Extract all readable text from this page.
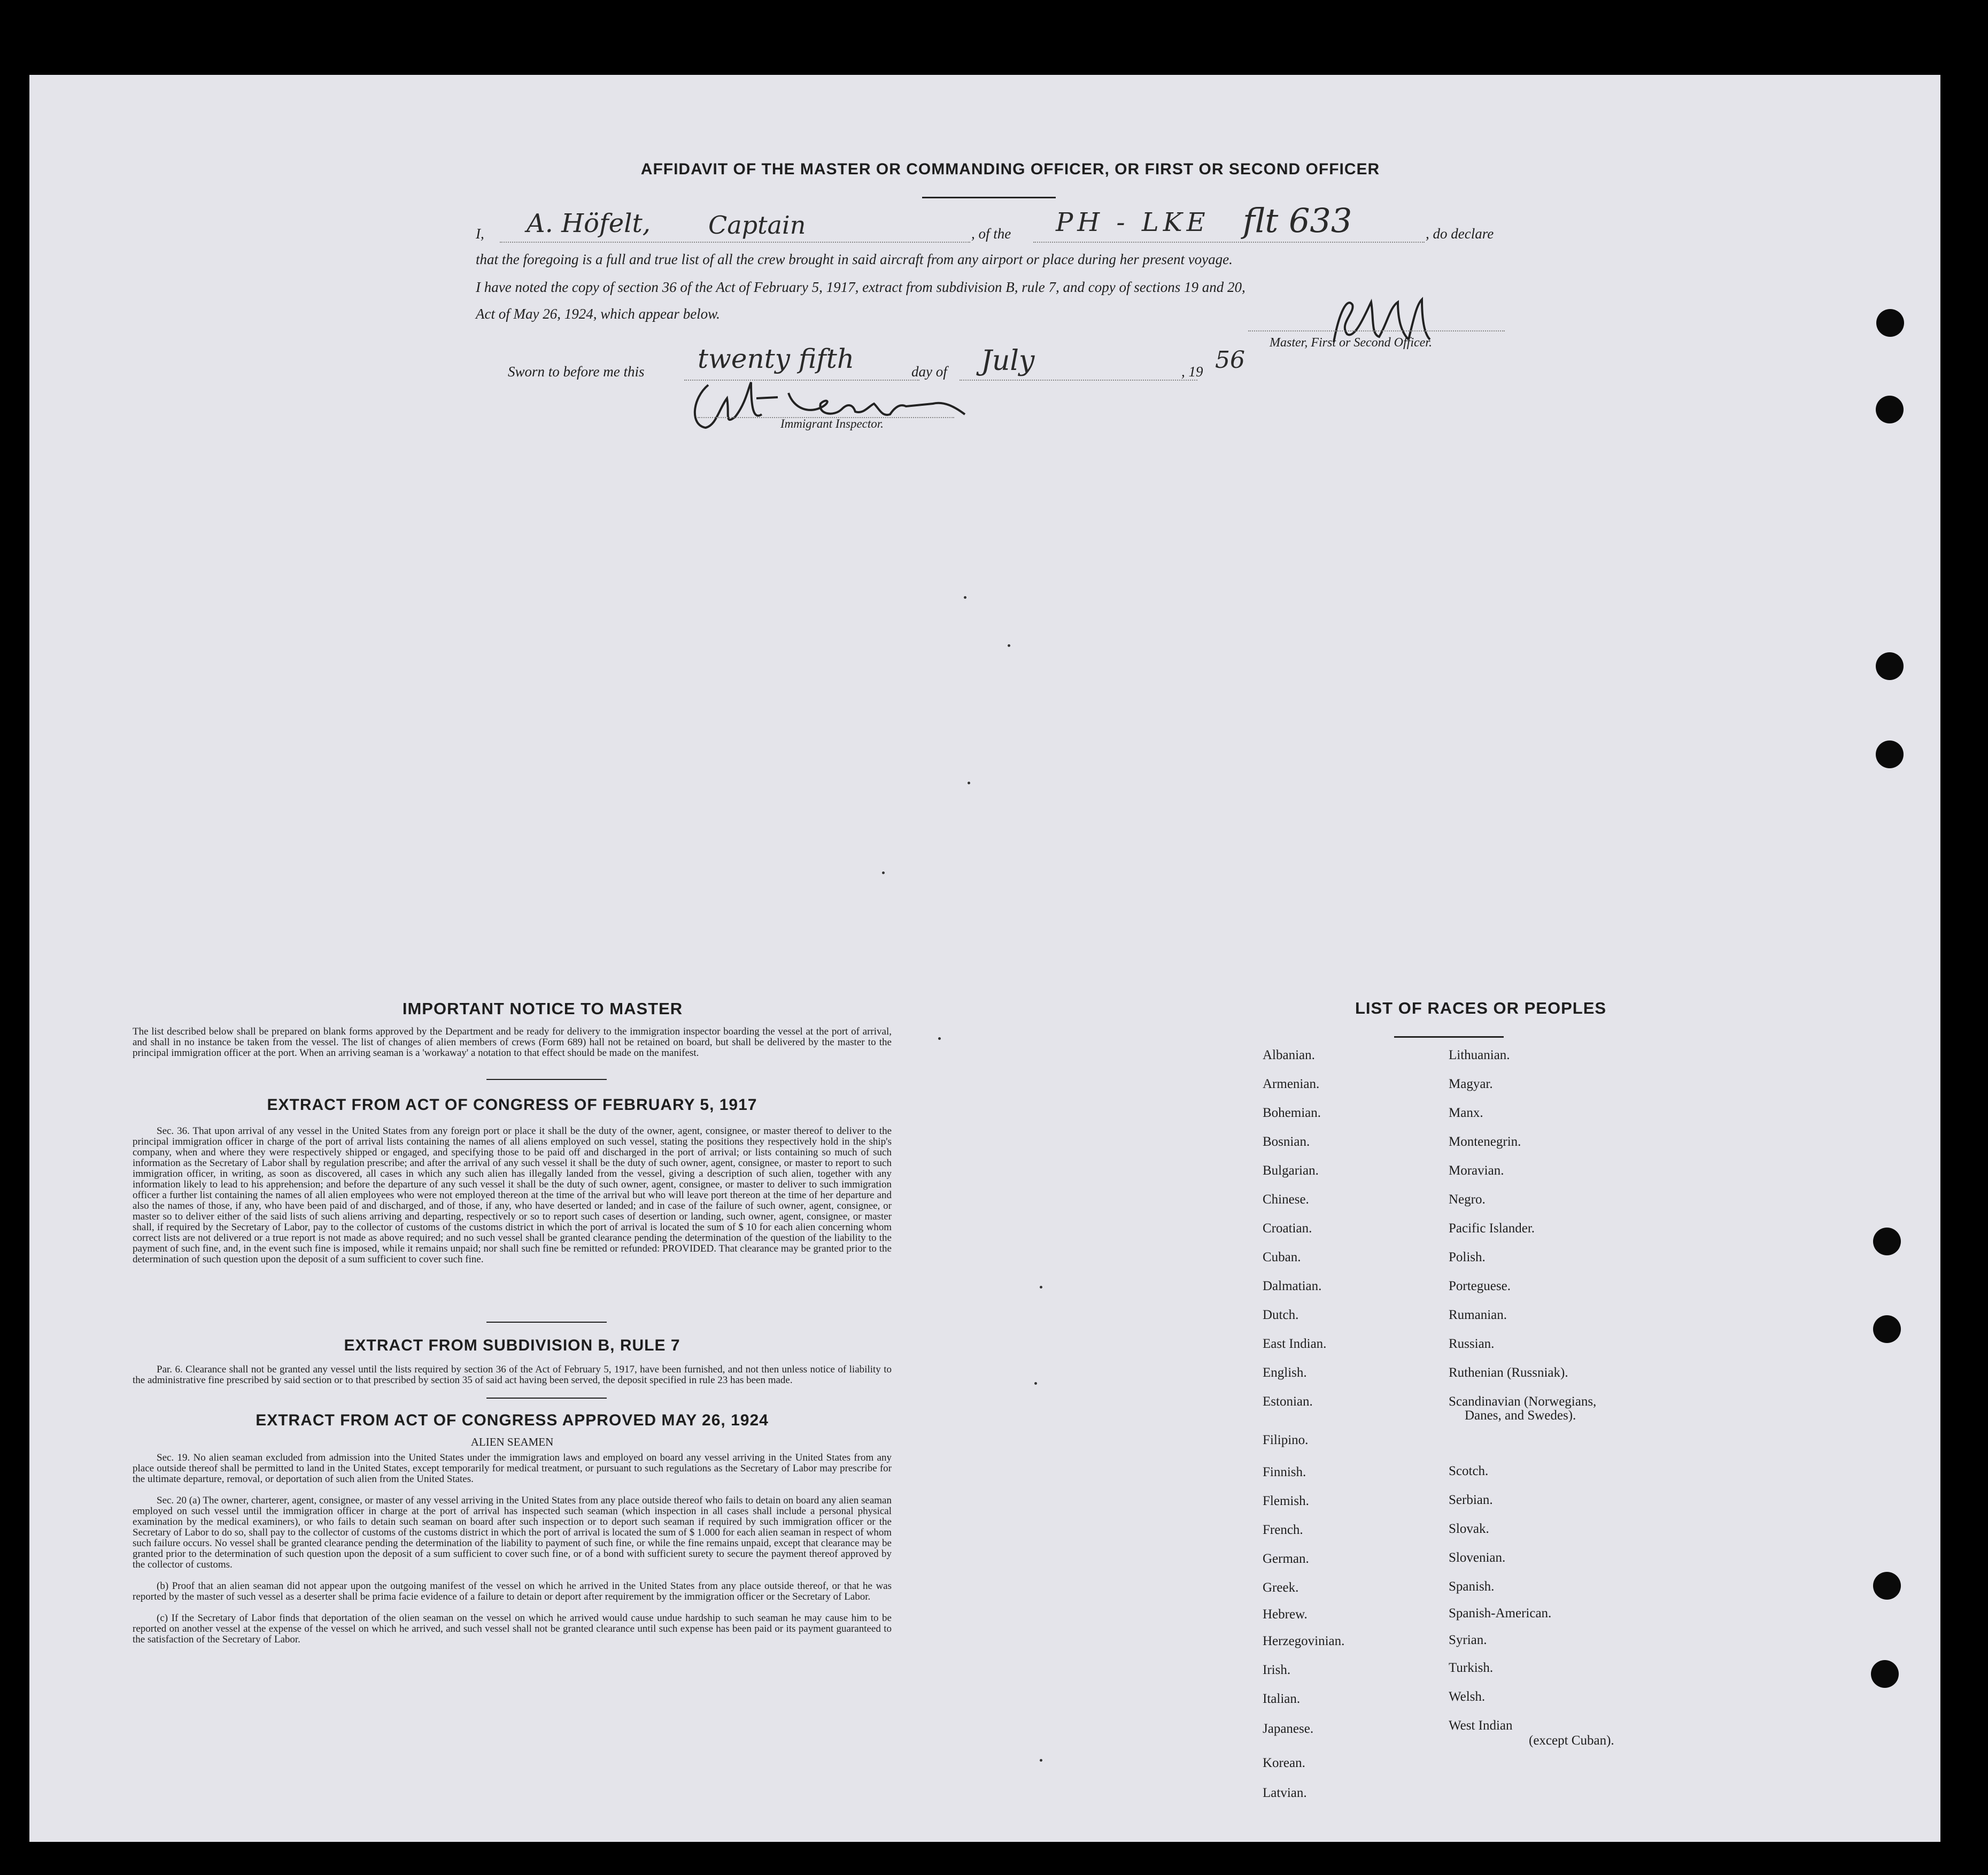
AFFIDAVIT OF THE MASTER OR COMMANDING OFFICER, OR FIRST OR SECOND OFFICER
I, A. Höfelt, Captain	, of the PH - LKE flt 633	, do declare
that the foregoing is a full and true list of all the crew brought in said aircraft from any airport or place during her present voyage.
I have noted the copy of section 36 of the Act of February 5, 1917, extract from subdivision B, rule 7, and copy of sections 19 and 20,
Act of May 26, 1924, which appear below.
Master, First or Second Officer.
Sworn to before me this twenty fifth	day of July	, 19 56
Immigrant Inspector.
IMPORTANT NOTICE TO MASTER
The list described below shall be prepared on blank forms approved by the Department and be ready for delivery to the immigration inspector boarding the vessel at the port of arrival, and shall in no instance be taken from the vessel. The list of changes of alien members of crews (Form 689) hall not be retained on board, but shall be delivered by the master to the principal immigration officer at the port. When an arriving seaman is a 'workaway' a notation to that effect should be made on the manifest.
EXTRACT FROM ACT OF CONGRESS OF FEBRUARY 5, 1917
Sec. 36. That upon arrival of any vessel in the United States from any foreign port or place it shall be the duty of the owner, agent, consignee, or master thereof to deliver to the principal immigration officer in charge of the port of arrival lists containing the names of all aliens employed on such vessel, stating the positions they respectively hold in the ship's company, when and where they were respectively shipped or engaged, and specifying those to be paid off and discharged in the port of arrival; or lists containing so much of such information as the Secretary of Labor shall by regulation prescribe; and after the arrival of any such vessel it shall be the duty of such owner, agent, consignee, or master to report to such immigration officer, in writing, as soon as discovered, all cases in which any such alien has illegally landed from the vessel, giving a description of such alien, together with any information likely to lead to his apprehension; and before the departure of any such vessel it shall be the duty of such owner, agent, consignee, or master to deliver to such immigration officer a further list containing the names of all alien employees who were not employed thereon at the time of the arrival but who will leave port thereon at the time of her departure and also the names of those, if any, who have been paid of and discharged, and of those, if any, who have deserted or landed; and in case of the failure of such owner, agent, consignee, or master so to deliver either of the said lists of such aliens arriving and departing, respectively or so to report such cases of desertion or landing, such owner, agent, consignee, or master shall, if required by the Secretary of Labor, pay to the collector of customs of the customs district in which the port of arrival is located the sum of $ 10 for each alien concerning whom correct lists are not delivered or a true report is not made as above required; and no such vessel shall be granted clearance pending the determination of the question of the liability to the payment of such fine, and, in the event such fine is imposed, while it remains unpaid; nor shall such fine be remitted or refunded: PROVIDED. That clearance may be granted prior to the determination of such question upon the deposit of a sum sufficient to cover such fine.
EXTRACT FROM SUBDIVISION B, RULE 7
Par. 6. Clearance shall not be granted any vessel until the lists required by section 36 of the Act of February 5, 1917, have been furnished, and not then unless notice of liability to the administrative fine prescribed by said section or to that prescribed by section 35 of said act having been served, the deposit specified in rule 23 has been made.
EXTRACT FROM ACT OF CONGRESS APPROVED MAY 26, 1924
ALIEN SEAMEN
Sec. 19. No alien seaman excluded from admission into the United States under the immigration laws and employed on board any vessel arriving in the United States from any place outside thereof shall be permitted to land in the United States, except temporarily for medical treatment, or pursuant to such regulations as the Secretary of Labor may prescribe for the ultimate departure, removal, or deportation of such alien from the United States.
Sec. 20 (a) The owner, charterer, agent, consignee, or master of any vessel arriving in the United States from any place outside thereof who fails to detain on board any alien seaman employed on such vessel until the immigration officer in charge at the port of arrival has inspected such seaman (which inspection in all cases shall include a personal physical examination by the medical examiners), or who fails to detain such seaman on board after such inspection or to deport such seaman if required by such immigration officer or the Secretary of Labor to do so, shall pay to the collector of customs of the customs district in which the port of arrival is located the sum of $ 1.000 for each alien seaman in respect of whom such failure occurs. No vessel shall be granted clearance pending the determination of the liability to payment of such fine, or while the fine remains unpaid, except that clearance may be granted prior to the determination of such question upon the deposit of a sum sufficient to cover such fine, or of a bond with sufficient surety to secure the payment thereof approved by the collector of customs.
(b) Proof that an alien seaman did not appear upon the outgoing manifest of the vessel on which he arrived in the United States from any place outside thereof, or that he was reported by the master of such vessel as a deserter shall be prima facie evidence of a failure to detain or deport after requirement by the immigration officer or the Secretary of Labor.
(c) If the Secretary of Labor finds that deportation of the olien seaman on the vessel on which he arrived would cause undue hardship to such seaman he may cause him to be reported on another vessel at the expense of the vessel on which he arrived, and such vessel shall not be granted clearance until such expense has been paid or its payment guaranteed to the satisfaction of the Secretary of Labor.
LIST OF RACES OR PEOPLES
Albanian.
Armenian.
Bohemian.
Bosnian.
Bulgarian.
Chinese.
Croatian.
Cuban.
Dalmatian.
Dutch.
East Indian.
English.
Estonian.
Filipino.
Finnish.
Flemish.
French.
German.
Greek.
Hebrew.
Herzegovinian.
Irish.
Italian.
Japanese.
Korean.
Latvian.
Lithuanian.
Magyar.
Manx.
Montenegrin.
Moravian.
Negro.
Pacific Islander.
Polish.
Porteguese.
Rumanian.
Russian.
Ruthenian (Russniak).
Scandinavian (Norwegians,
Danes, and Swedes).
Scotch.
Serbian.
Slovak.
Slovenian.
Spanish.
Spanish-American.
Syrian.
Turkish.
Welsh.
West Indian
(except Cuban).
